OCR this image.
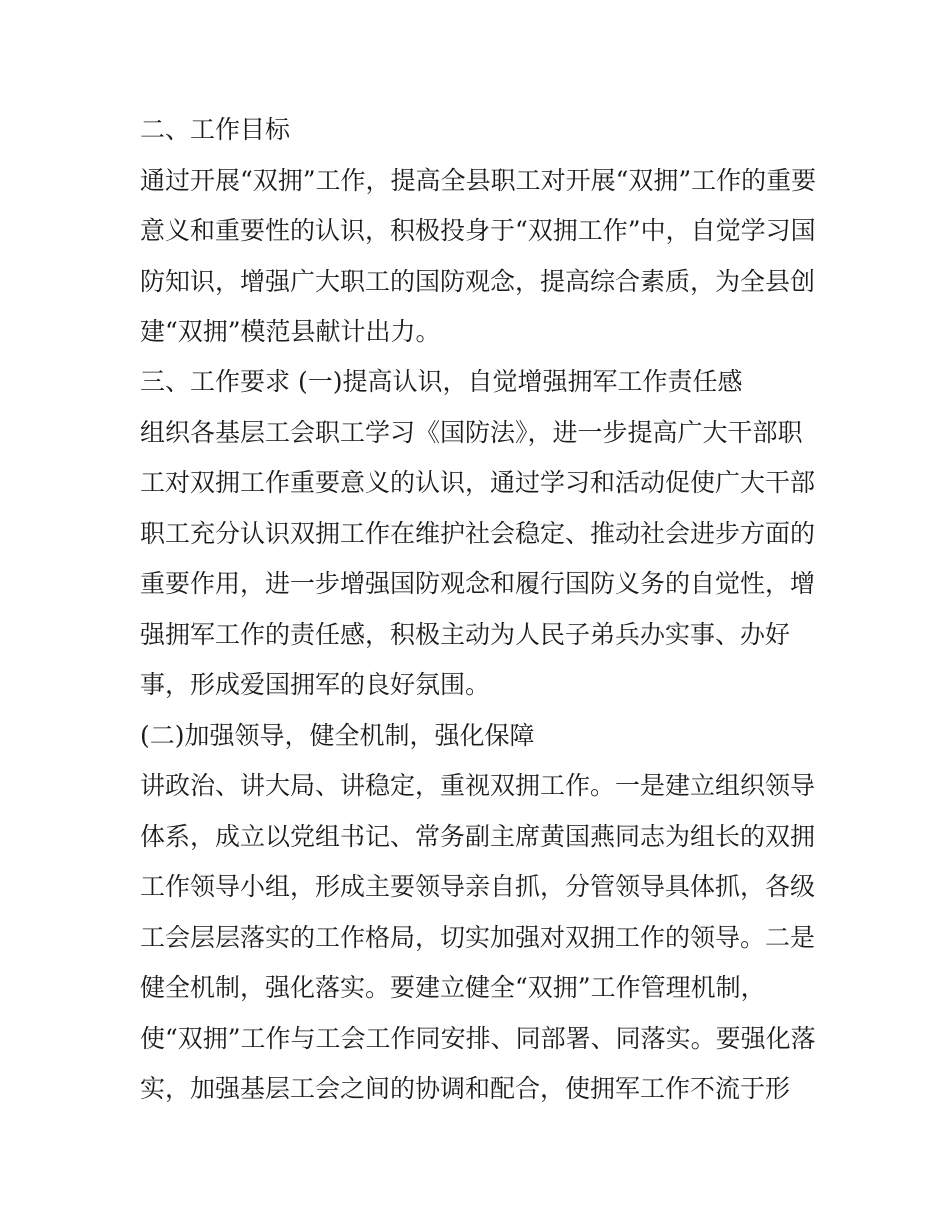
二、工作目标
通过开展“双拥”工作，提高全县职工对开展“双拥”工作的重要
意义和重要性的认识，积极投身于“双拥工作”中，自觉学习国
防知识，增强广大职工的国防观念，提高综合素质，为全县创
建“双拥”模范县献计出力。
三、工作要求 (一)提高认识，自觉增强拥军工作责任感
组织各基层工会职工学习《国防法》，进一步提高广大干部职
工对双拥工作重要意义的认识，通过学习和活动促使广大干部
职工充分认识双拥工作在维护社会稳定、推动社会进步方面的
重要作用，进一步增强国防观念和履行国防义务的自觉性，增
强拥军工作的责任感，积极主动为人民子弟兵办实事、办好
事，形成爱国拥军的良好氛围。
(二)加强领导，健全机制，强化保障
讲政治、讲大局、讲稳定，重视双拥工作。一是建立组织领导
体系，成立以党组书记、常务副主席黄国燕同志为组长的双拥
工作领导小组，形成主要领导亲自抓，分管领导具体抓，各级
工会层层落实的工作格局，切实加强对双拥工作的领导。二是
健全机制，强化落实。要建立健全“双拥”工作管理机制，
使“双拥”工作与工会工作同安排、同部署、同落实。要强化落
实，加强基层工会之间的协调和配合，使拥军工作不流于形
